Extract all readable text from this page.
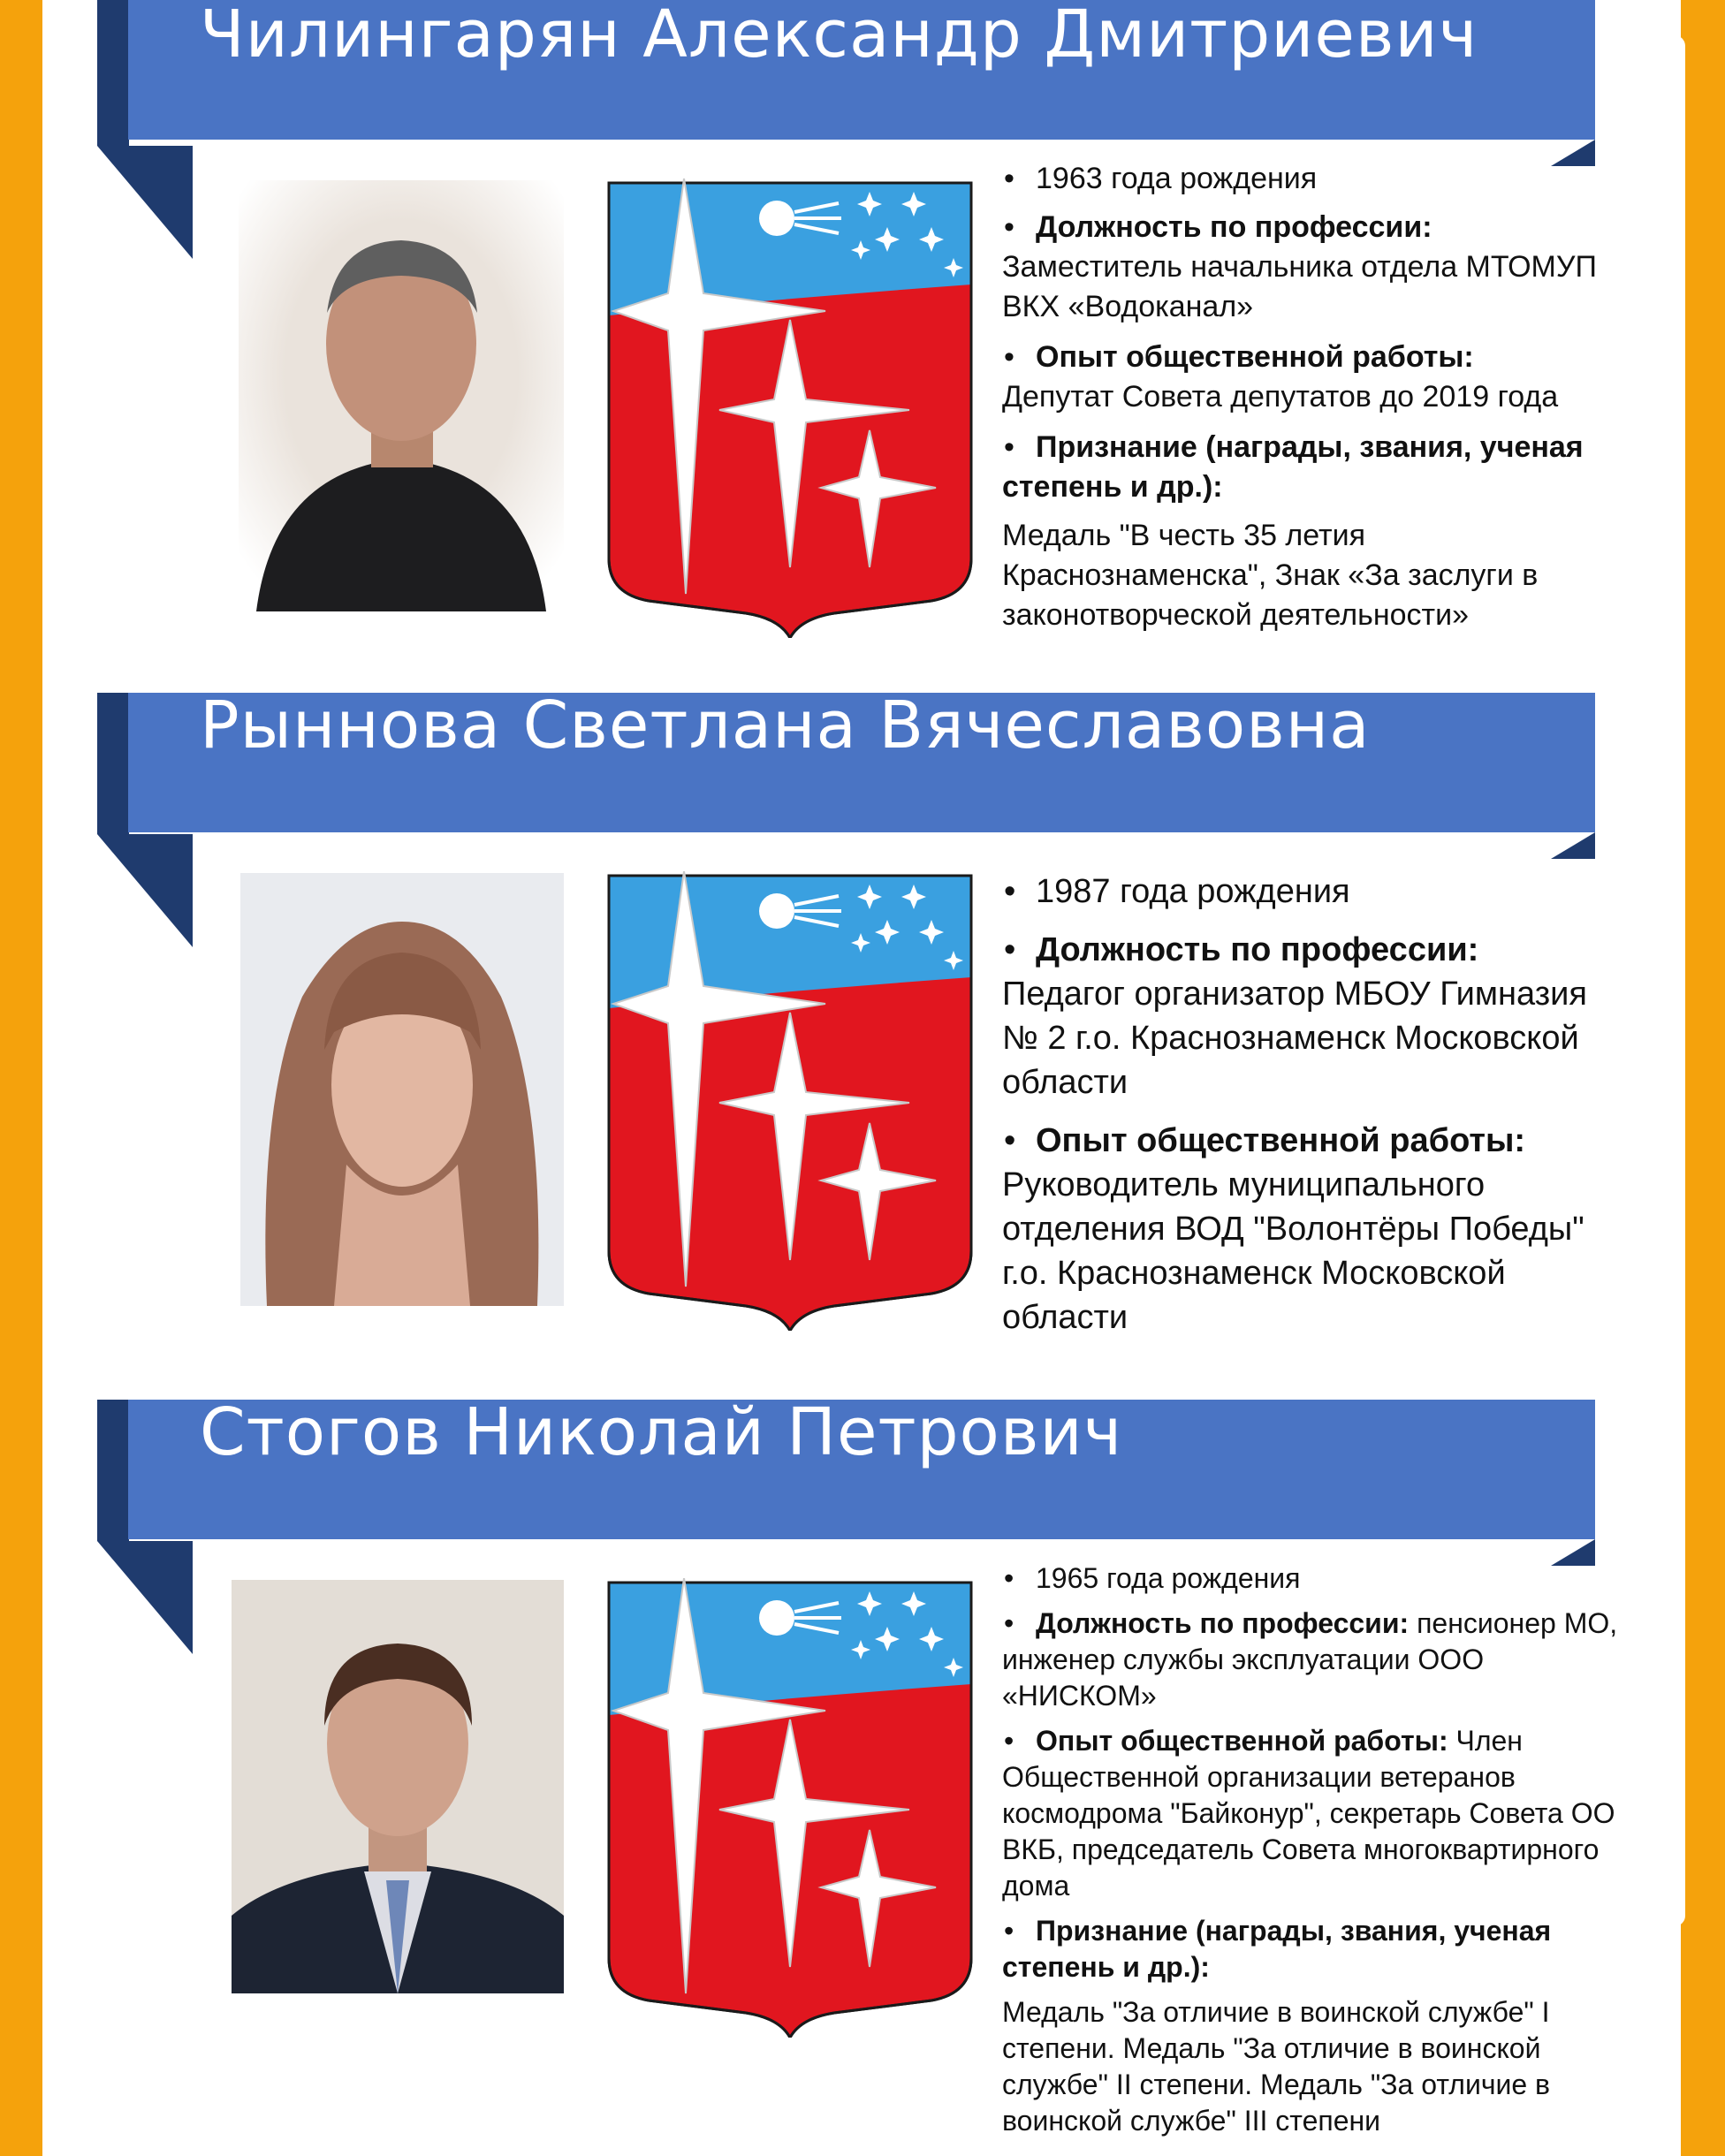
Чилингарян Александр Дмитриевич

• 1963 года рождения

• Должность по профессии:

Заместитель начальника отдела МТОМУП ВКХ «Водоканал»

• Опыт общественной работы:

Депутат Совета депутатов до 2019 года

• Признание (награды, звания, ученая степень и др.):

Медаль "В честь 35 летия Краснознаменска", Знак «За заслуги в законотворческой деятельности»

Рыннова Светлана Вячеславовна

• 1987 года рождения

• Должность по профессии:

Педагог организатор МБОУ Гимназия № 2 г.о. Краснознаменск Московской области

• Опыт общественной работы:

Руководитель муниципального отделения ВОД "Волонтёры Победы" г.о. Краснознаменск Московской области

Стогов Николай Петрович

• 1965 года рождения

• Должность по профессии: пенсионер МО, инженер службы эксплуатации ООО «НИСКОМ»

• Опыт общественной работы: Член Общественной организации ветеранов космодрома "Байконур", секретарь Совета ОО ВКБ, председатель Совета многоквартирного дома

• Признание (награды, звания, ученая степень и др.):

Медаль "За отличие в воинской службе" I степени. Медаль "За отличие в воинской службе" II степени. Медаль "За отличие в воинской службе" III степени
